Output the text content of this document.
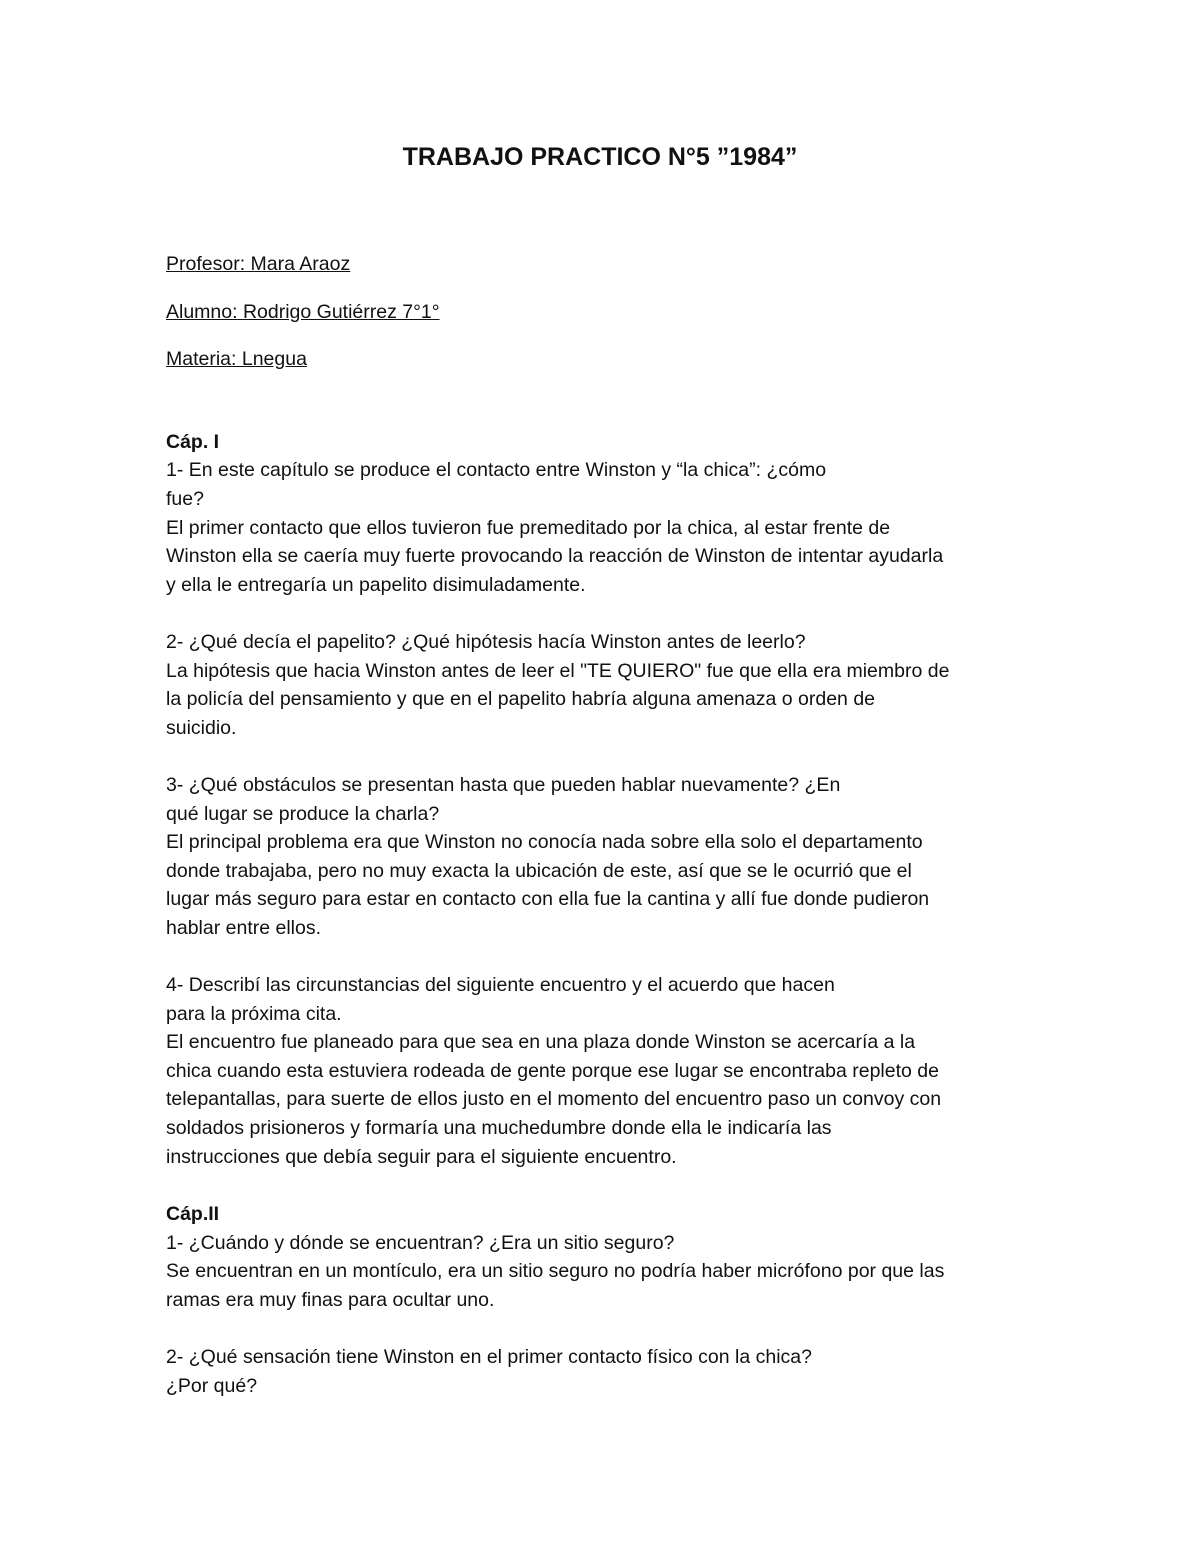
TRABAJO PRACTICO N°5 ”1984”

Profesor: Mara Araoz

Alumno: Rodrigo Gutiérrez 7°1°

Materia: Lnegua

Cáp. I

1- En este capítulo se produce el contacto entre Winston y “la chica”: ¿cómo
fue?
El primer contacto que ellos tuvieron fue premeditado por la chica, al estar frente de
Winston ella se caería muy fuerte provocando la reacción de Winston de intentar ayudarla
y ella le entregaría un papelito disimuladamente.
2- ¿Qué decía el papelito? ¿Qué hipótesis hacía Winston antes de leerlo?
La hipótesis que hacia Winston antes de leer el "TE QUIERO" fue que ella era miembro de
la policía del pensamiento y que en el papelito habría alguna amenaza o orden de
suicidio.
3- ¿Qué obstáculos se presentan hasta que pueden hablar nuevamente? ¿En
qué lugar se produce la charla?
El principal problema era que Winston no conocía nada sobre ella solo el departamento
donde trabajaba, pero no muy exacta la ubicación de este, así que se le ocurrió que el
lugar más seguro para estar en contacto con ella fue la cantina y allí fue donde pudieron
hablar entre ellos.
4- Describí las circunstancias del siguiente encuentro y el acuerdo que hacen
para la próxima cita.
El encuentro fue planeado para que sea en una plaza donde Winston se acercaría a la
chica cuando esta estuviera rodeada de gente porque ese lugar se encontraba repleto de
telepantallas, para suerte de ellos justo en el momento del encuentro paso un convoy con
soldados prisioneros y formaría una muchedumbre donde ella le indicaría las
instrucciones que debía seguir para el siguiente encuentro.

Cáp.II

1- ¿Cuándo y dónde se encuentran? ¿Era un sitio seguro?
Se encuentran en un montículo, era un sitio seguro no podría haber micrófono por que las
ramas era muy finas para ocultar uno.
2- ¿Qué sensación tiene Winston en el primer contacto físico con la chica?
¿Por qué?
